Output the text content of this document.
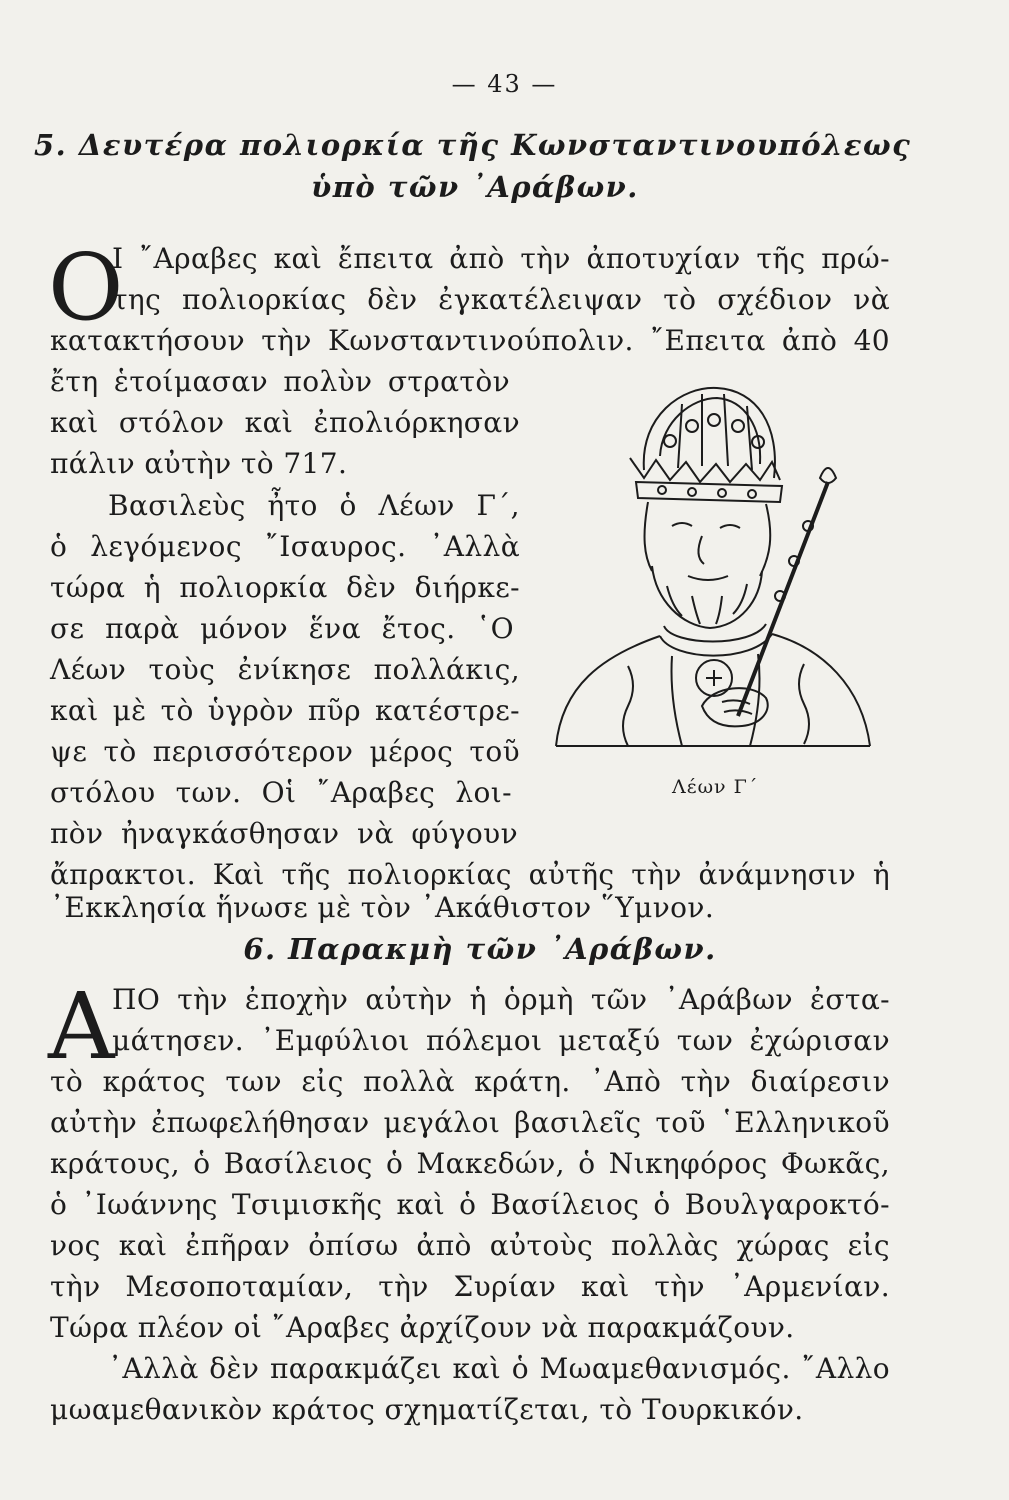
— 43 —
5. Δευτέρα πολιορκία τῆς Κωνσταντινουπόλεως
ὑπὸ τῶν ᾿Αράβων.
Ο
Ι ῎Αραβες καὶ ἔπειτα ἀπὸ τὴν ἀποτυχίαν τῆς πρώ-
της πολιορκίας δὲν ἐγκατέλειψαν τὸ σχέδιον νὰ
κατακτήσουν τὴν Κωνσταντινούπολιν. ῎Επειτα ἀπὸ 40
ἔτη ἑτοίμασαν πολὺν στρατὸν
καὶ στόλον καὶ ἐπολιόρκησαν
πάλιν αὐτὴν τὸ 717.
Βασιλεὺς ἦτο ὁ Λέων Γ΄,
ὁ λεγόμενος ῎Ισαυρος. ᾿Αλλὰ
τώρα ἡ πολιορκία δὲν διήρκε-
σε παρὰ μόνον ἕνα ἔτος. ῾Ο
Λέων τοὺς ἐνίκησε πολλάκις,
καὶ μὲ τὸ ὑγρὸν πῦρ κατέστρε-
ψε τὸ περισσότερον μέρος τοῦ
στόλου των. Οἱ ῎Αραβες λοι-
πὸν ἠναγκάσθησαν νὰ φύγουν
ἄπρακτοι. Καὶ τῆς πολιορκίας αὐτῆς τὴν ἀνάμνησιν ἡ
᾿Εκκλησία ἥνωσε μὲ τὸν ᾿Ακάθιστον ῞Υμνον.
Λέων Γ΄
6. Παρακμὴ τῶν ᾿Αράβων.
Α
ΠΟ τὴν ἐποχὴν αὐτὴν ἡ ὁρμὴ τῶν ᾿Αράβων ἐστα-
μάτησεν. ᾿Εμφύλιοι πόλεμοι μεταξύ των ἐχώρισαν
τὸ κράτος των εἰς πολλὰ κράτη. ᾿Απὸ τὴν διαίρεσιν
αὐτὴν ἐπωφελήθησαν μεγάλοι βασιλεῖς τοῦ ῾Ελληνικοῦ
κράτους, ὁ Βασίλειος ὁ Μακεδών, ὁ Νικηφόρος Φωκᾶς,
ὁ ᾿Ιωάννης Τσιμισκῆς καὶ ὁ Βασίλειος ὁ Βουλγαροκτό-
νος καὶ ἐπῆραν ὀπίσω ἀπὸ αὐτοὺς πολλὰς χώρας εἰς
τὴν Μεσοποταμίαν, τὴν Συρίαν καὶ τὴν ᾿Αρμενίαν.
Τώρα πλέον οἱ ῎Αραβες ἀρχίζουν νὰ παρακμάζουν.
᾿Αλλὰ δὲν παρακμάζει καὶ ὁ Μωαμεθανισμός. ῎Αλλο
μωαμεθανικὸν κράτος σχηματίζεται, τὸ Τουρκικόν.
